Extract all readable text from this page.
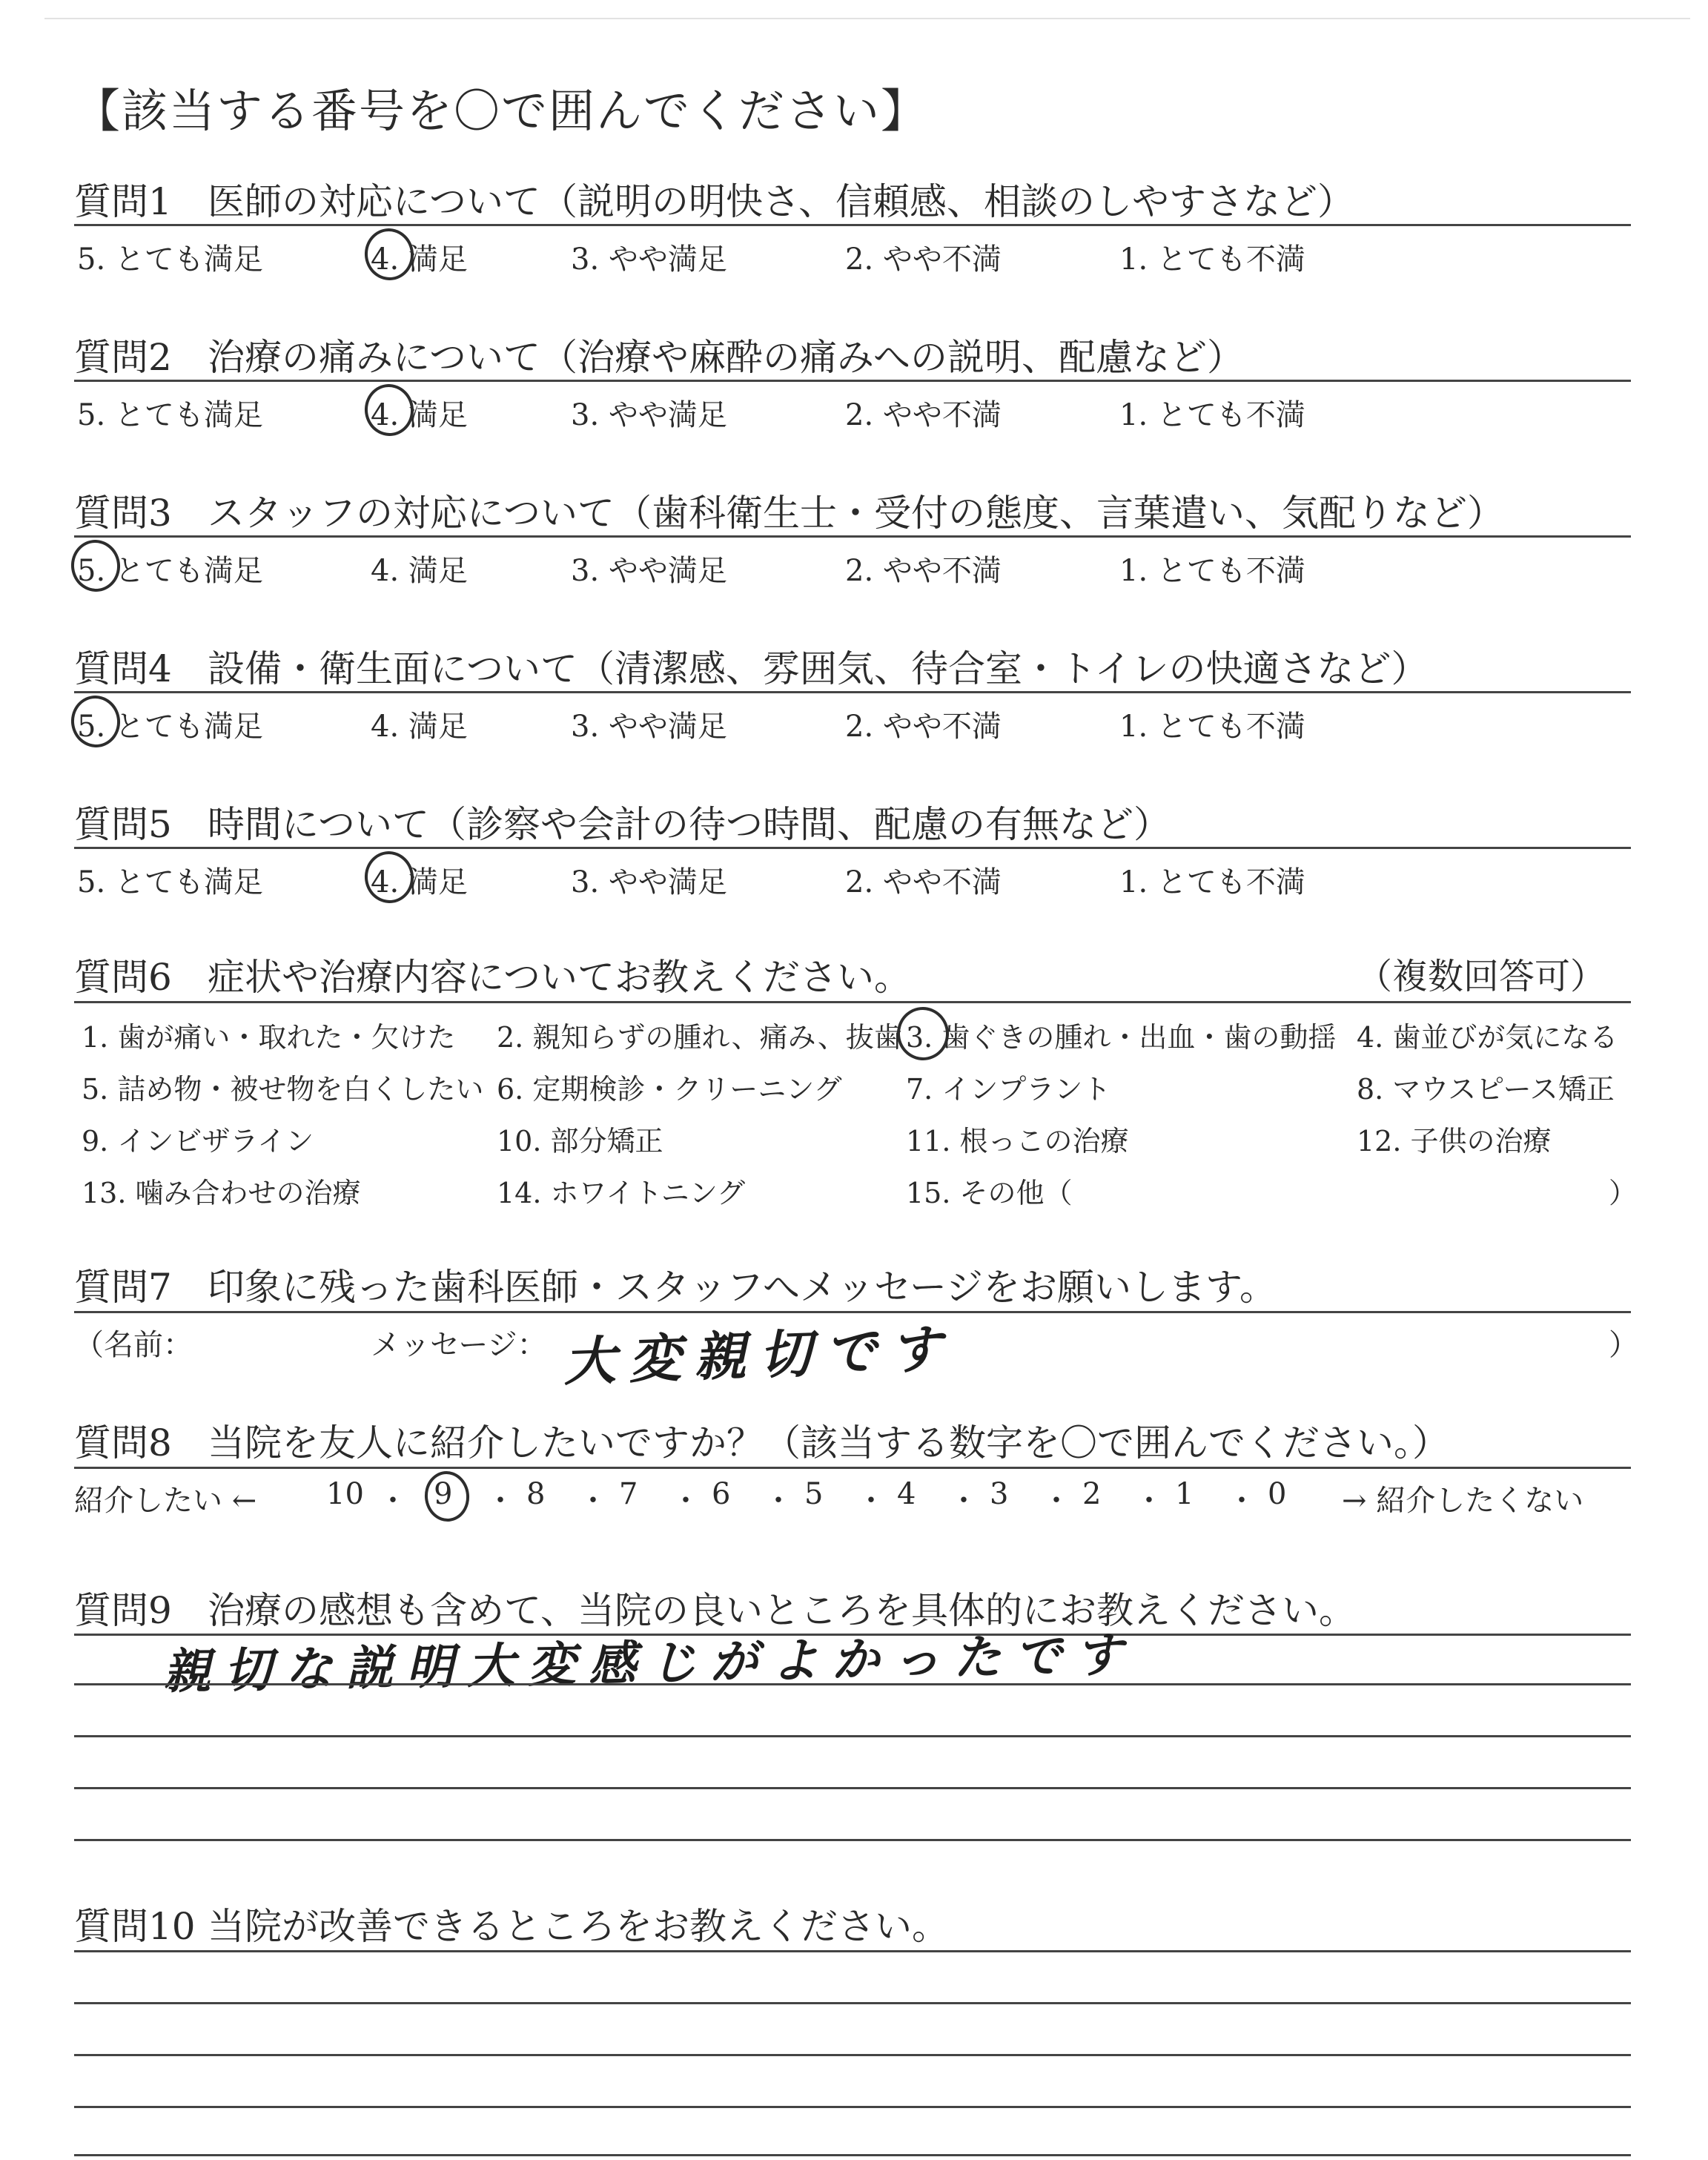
【該当する番号を〇で囲んでください】
質問1 医師の対応について（説明の明快さ、信頼感、相談のしやすさなど）
5. とても満足	4. 満足	3. やや満足	2. やや不満	1. とても不満
質問2 治療の痛みについて（治療や麻酔の痛みへの説明、配慮など）
5. とても満足	4. 満足	3. やや満足	2. やや不満	1. とても不満
質問3 スタッフの対応について（歯科衛生士・受付の態度、言葉遣い、気配りなど）
5. とても満足	4. 満足	3. やや満足	2. やや不満	1. とても不満
質問4 設備・衛生面について（清潔感、雰囲気、待合室・トイレの快適さなど）
5. とても満足	4. 満足	3. やや満足	2. やや不満	1. とても不満
質問5 時間について（診察や会計の待つ時間、配慮の有無など）
5. とても満足	4. 満足	3. やや満足	2. やや不満	1. とても不満
質問6 症状や治療内容についてお教えください。	（複数回答可）
1. 歯が痛い・取れた・欠けた 2. 親知らずの腫れ、痛み、抜歯 3. 歯ぐきの腫れ・出血・歯の動揺 4. 歯並びが気になる
5. 詰め物・被せ物を白くしたい 6. 定期検診・クリーニング 7. インプラント	8. マウスピース矯正
9. インビザライン	10. 部分矯正	11. 根っこの治療	12. 子供の治療
13. 噛み合わせの治療	14. ホワイトニング	15. その他（	）
質問7 印象に残った歯科医師・スタッフへメッセージをお願いします。
（名前：	メッセージ： 大変親切です	）
質問8 当院を友人に紹介したいですか？（該当する数字を〇で囲んでください。）
紹介したい ← 10 ・ 9 ・ 8 ・ 7 ・ 6 ・ 5 ・ 4 ・ 3 ・ 2 ・ 1 ・ 0 → 紹介したくない
質問9 治療の感想も含めて、当院の良いところを具体的にお教えください。
親切な説明大変感じがよかったです
質問10 当院が改善できるところをお教えください。
